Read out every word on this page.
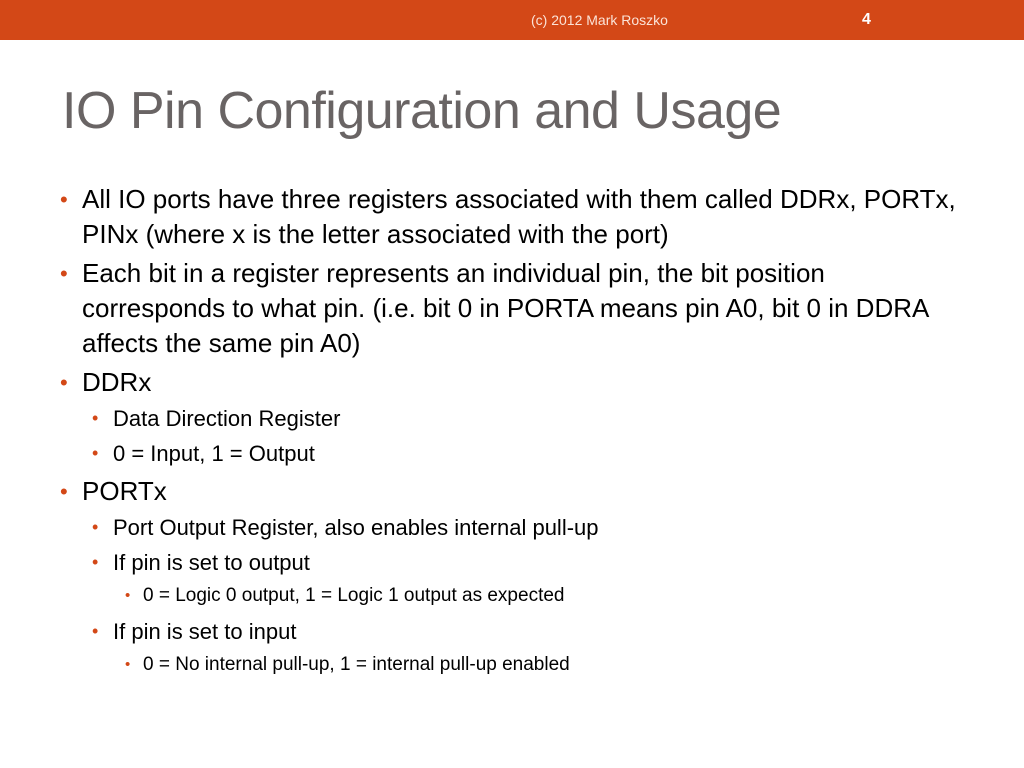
(c) 2012 Mark Roszko	4
IO Pin Configuration and Usage
• All IO ports have three registers associated with them called DDRx, PORTx, PINx (where x is the letter associated with the port)
• Each bit in a register represents an individual pin, the bit position corresponds to what pin. (i.e. bit 0 in PORTA means pin A0, bit 0 in DDRA affects the same pin A0)
• DDRx
• Data Direction Register
• 0 = Input, 1 = Output
• PORTx
• Port Output Register, also enables internal pull-up
• If pin is set to output
• 0 = Logic 0 output, 1 = Logic 1 output as expected
• If pin is set to input
• 0 = No internal pull-up, 1 = internal pull-up enabled
